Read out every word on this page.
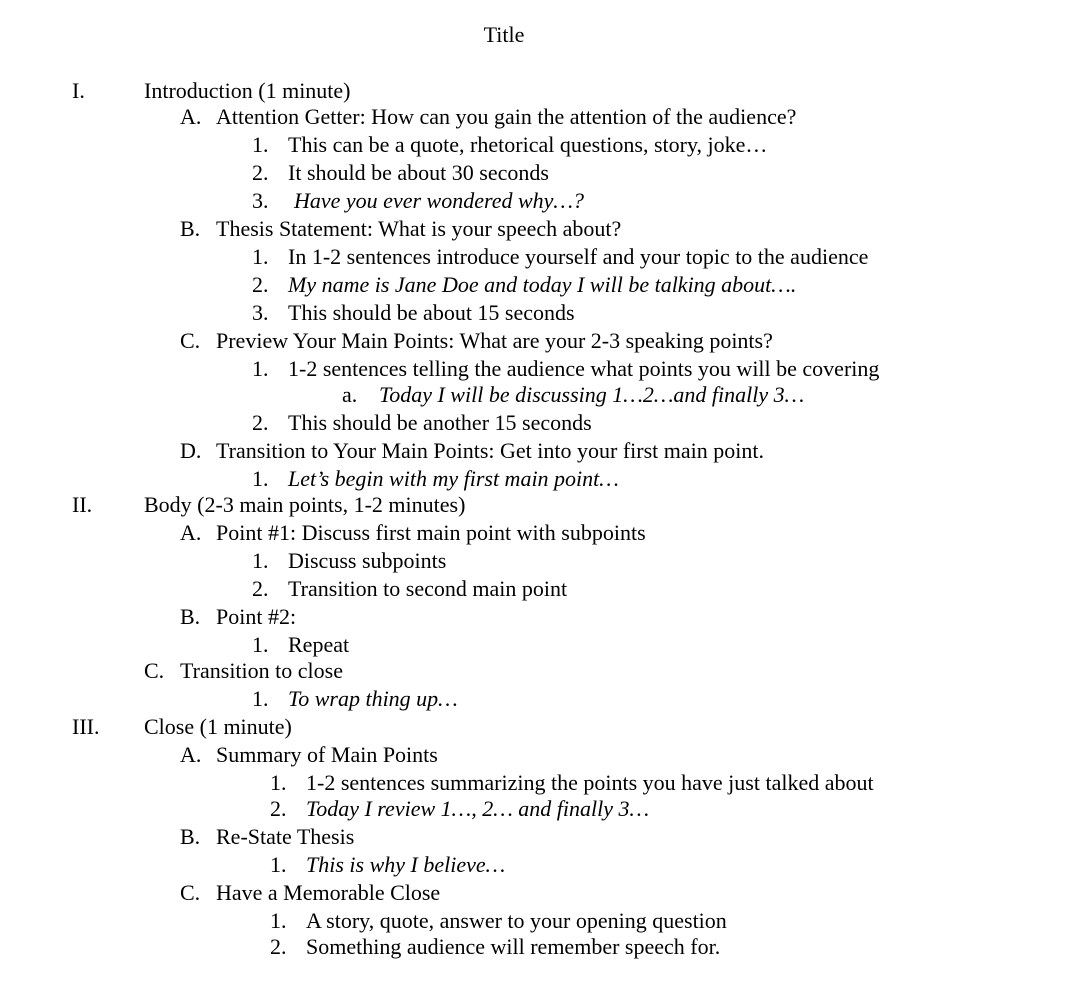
Title
I.	Introduction (1 minute)
A. Attention Getter: How can you gain the attention of the audience?
1. This can be a quote, rhetorical questions, story, joke…
2. It should be about 30 seconds
3. Have you ever wondered why…?
B. Thesis Statement: What is your speech about?
1. In 1-2 sentences introduce yourself and your topic to the audience
2. My name is Jane Doe and today I will be talking about….
3. This should be about 15 seconds
C. Preview Your Main Points: What are your 2-3 speaking points?
1. 1-2 sentences telling the audience what points you will be covering
a. Today I will be discussing 1…2…and finally 3…
2. This should be another 15 seconds
D. Transition to Your Main Points: Get into your first main point.
1. Let’s begin with my first main point…
II. Body (2-3 main points, 1-2 minutes)
A. Point #1: Discuss first main point with subpoints
1. Discuss subpoints
2. Transition to second main point
B. Point #2:
1. Repeat
C. Transition to close
1. To wrap thing up…
III. Close (1 minute)
A. Summary of Main Points
1. 1-2 sentences summarizing the points you have just talked about
2. Today I review 1…, 2… and finally 3…
B. Re-State Thesis
1. This is why I believe…
C. Have a Memorable Close
1. A story, quote, answer to your opening question
2. Something audience will remember speech for.
